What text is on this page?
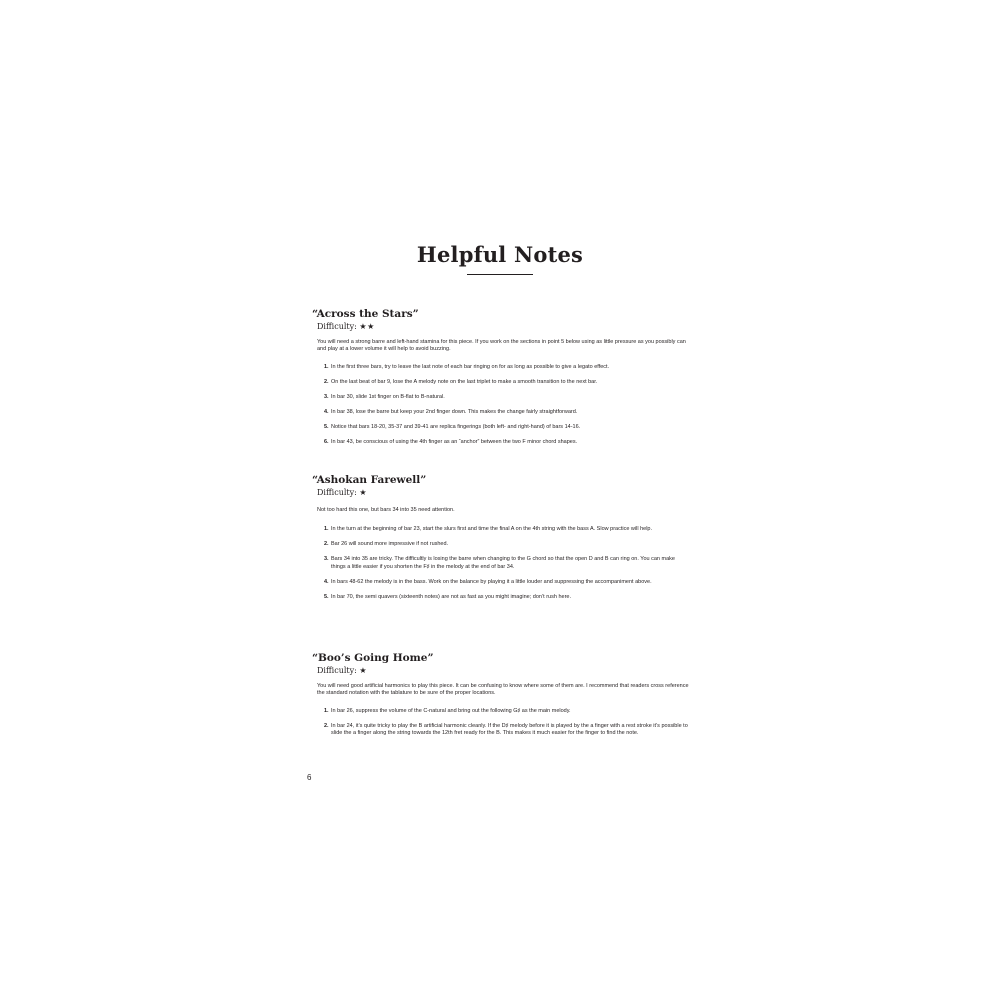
Helpful Notes
“Across the Stars”
Difficulty: ★★
You will need a strong barre and left-hand stamina for this piece. If you work on the sections in point 5 below using as little pressure as you possibly can and play at a lower volume it will help to avoid buzzing.
1. In the first three bars, try to leave the last note of each bar ringing on for as long as possible to give a legato effect.
2. On the last beat of bar 9, lose the A melody note on the last triplet to make a smooth transition to the next bar.
3. In bar 30, slide 1st finger on B-flat to B-natural.
4. In bar 38, lose the barre but keep your 2nd finger down. This makes the change fairly straightforward.
5. Notice that bars 18-20, 35-37 and 39-41 are replica fingerings (both left- and right-hand) of bars 14-16.
6. In bar 43, be conscious of using the 4th finger as an “anchor” between the two F minor chord shapes.
“Ashokan Farewell”
Difficulty: ★
Not too hard this one, but bars 34 into 35 need attention.
1. In the turn at the beginning of bar 23, start the slurs first and time the final A on the 4th string with the bass A. Slow practice will help.
2. Bar 26 will sound more impressive if not rushed.
3. Bars 34 into 35 are tricky. The difficultly is losing the barre when changing to the G chord so that the open D and B can ring on. You can make things a little easier if you shorten the F♯ in the melody at the end of bar 34.
4. In bars 48-62 the melody is in the bass. Work on the balance by playing it a little louder and suppressing the accompaniment above.
5. In bar 70, the semi quavers (sixteenth notes) are not as fast as you might imagine; don’t rush here.
“Boo’s Going Home”
Difficulty: ★
You will need good artificial harmonics to play this piece. It can be confusing to know where some of them are. I recommend that readers cross reference the standard notation with the tablature to be sure of the proper locations.
1. In bar 26, suppress the volume of the C-natural and bring out the following G♯ as the main melody.
2. In bar 24, it’s quite tricky to play the B artificial harmonic cleanly. If the D♯ melody before it is played by the a finger with a rest stroke it’s possible to slide the a finger along the string towards the 12th fret ready for the B. This makes it much easier for the finger to find the note.
6
